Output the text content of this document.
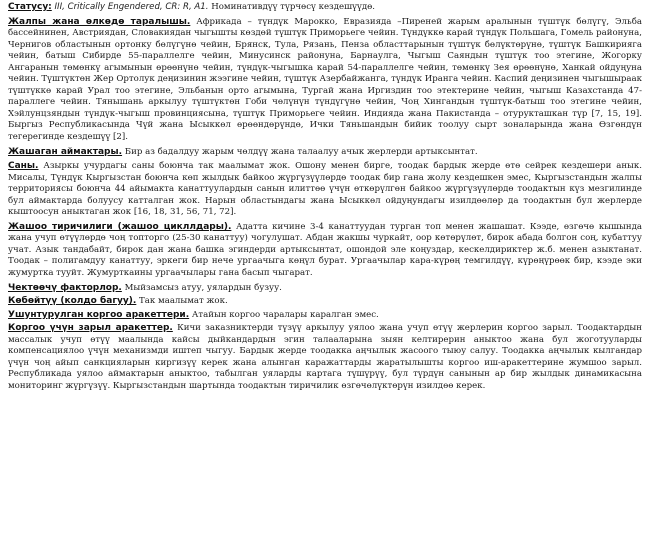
Статусу: III, Critically Engendered, CR: R, A1. Номинативдүү түрчөсү кездешүүдө.

Жалпы жана өлкөдө таралышы. Африкада – түндүк Марокко, Евразияда –Пиреней жарым аралынын түштүк бөлүгү, Эльба бассейнинен, Австриядан, Словакиядан чыгышты көздөй түштүк Приморьеге чейин. Түндүккө карай түндүк Польшага, Гомель районуна, Чернигов областынын ортонку бөлүгүнө чейин, Брянск, Тула, Рязань, Пенза областтарынын түштүк бөлүктөрүнө, түштүк Башкирияга чейин, батыш Сибирде 55-параллелге чейин, Минусинск районуна, Барнаулга, Чыгыш Саяндын түштүк тоо этегине, Жогорку Ангаранын төмөнкү агымынын өрөөнүнө чейин, түндүк-чыгышка карай 54-параллелге чейин, төмөнкү Зея өрөөнүнө, Ханкай ойдуңуна чейин. Түштүктөн Жер Ортолук деңизинин жээгине чейин, түштүк Азербайжанга, түндүк Иранга чейин. Каспий деңизинен чыгышыраак түштүккө карай Урал тоо этегине, Эльбанын орто агымына, Тургай жана Иргиздин тоо этектерине чейин, чыгыш Казахстанда 47-параллеге чейин. Тянышань аркылуу түштүктөн Гоби чөлүнүн түндүгүнө чейин, Чоң Хингандын түштүк-батыш тоо этегине чейин, Хэйлунцзяндын түндүк-чыгыш провинциясына, түштүк Приморьеге чейин. Индияда жана Пакистанда – отурукташкан түр [7, 15, 19]. Быргыз Республикасында Чүй жана Ысыккөл өрөөндөрүндө, Ички Тяньшандын бийик тоолуу сырт зоналарында жана Өзгөндүн тегерегинде кездешүү [2].

Жашаган аймактары. Бир аз бадалдуу жарым чөлдүү жана талаалуу ачык жерлерди артыксынтат.

Саны. Азыркы учурдагы саны боюнча так маалымат жок. Ошону менен бирге, тоодак бардык жерде өтө сейрек кездешери анык. Мисалы, Түндүк Кыргызстан боюнча көп жылдык байкоо жүргүзүүлөрдө тоодак бир гана жолу кездешкен эмес, Кыргызстандын жалпы территориясы боюнча 44 айымакта канаттуулардын санын илиттөө үчүн өткөрүлгөн байкоо жүргүзүүлөрдө тоодактын күз мезгилинде бул аймактарда болуусу катталган жок. Нарын областындагы жана Ысыккөл ойдуңундагы изилдөөлөр да тоодактын бул жерлерде кыштоосун аныктаган жок [16, 18, 31, 56, 71, 72].

Жашоо тиричилиги (жашоо цикллдары). Адатта кичине 3-4 канаттуудан турган топ менен жашашат. Кээде, өзгөчө кышында жана учуп өтүүлөрдө чоң топторго (25-30 канаттуу) чогулушат. Абдан жакшы чуркайт, оор көтөрүлөт, бирок абада болгон соң, кубаттуу учат. Азык тандабайт, бирок дан жана башка эгиндерди артыксынтат, ошондой эле коңуздар, кескелдириктер ж.б. менен азыктанат. Тоодак – полигамдуу канаттуу, эркеги бир нече ургаачыга көңүл бурат. Ургаачылар кара-күрөң темгилдүү, күрөңүрөөк бир, кээде эки жумуртка тууйт. Жумурткаины ургаачылары гана басып чыгарат.

Чектөөчү факторлор. Мыйзамсыз атуу, уялардын бузуу.

Көбөйтүү (колдо багуу). Так маалымат жок.

Ушунтурулган коргоо аракеттери. Атайын коргоо чаралары каралган эмес.

Коргоо үчүн зарыл аракеттер. Кичи заказниктерди түзүү аркылуу уялоо жана учуп өтүү жерлерин коргоо зарыл. Тоодактардын массалык учуп өтүү маалында кайсы дыйкандардын эгин талааларына зыян келтирерин аныктоо жана бул жоготууларды компенсациялоо үчүн механизмди иштеп чыгуу. Бардык жерде тоодакка аңчылык жасоого тыюу салуу. Тоодакка аңчылык кылгандар үчүн чоң айып санкцияларын киргизүү керек жана алынган каражаттарды жаратылышты коргоо иш-аракеттерине жумшоо зарыл. Республикада уялоо аймактарын аныктоо, табылган уяларды картага түшүрүү, бул түрдүн санынын ар бир жылдык динамикасына мониторинг жүргүзүү. Кыргызстандын шартында тоодактын тиричилик өзгөчөлүктөрүн изилдөө керек.
